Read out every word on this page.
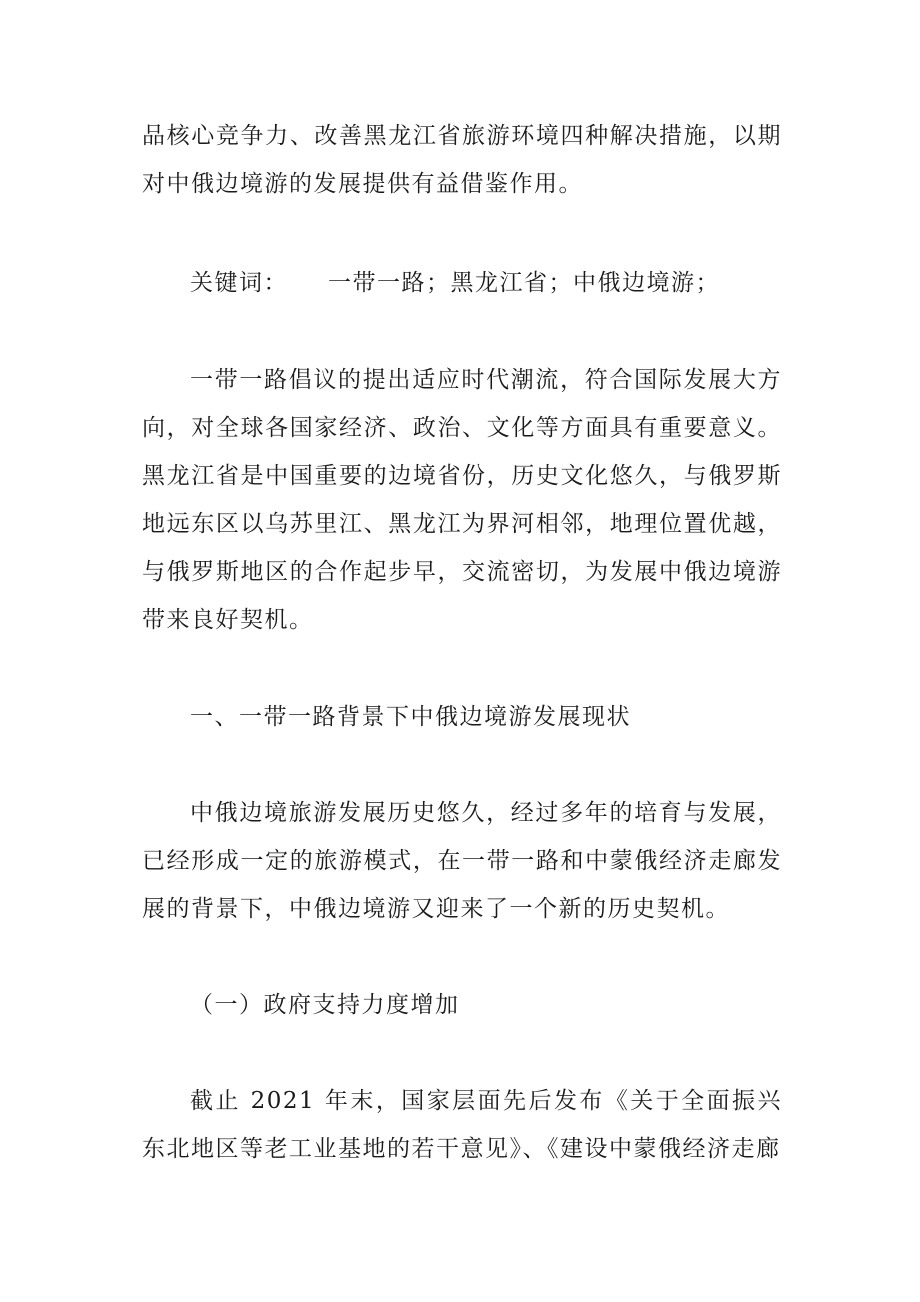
品核心竞争力、改善黑龙江省旅游环境四种解决措施，以期对中俄边境游的发展提供有益借鉴作用。

关键词： 一带一路；黑龙江省；中俄边境游；

一带一路倡议的提出适应时代潮流，符合国际发展大方向，对全球各国家经济、政治、文化等方面具有重要意义。黑龙江省是中国重要的边境省份，历史文化悠久，与俄罗斯地远东区以乌苏里江、黑龙江为界河相邻，地理位置优越，与俄罗斯地区的合作起步早，交流密切，为发展中俄边境游带来良好契机。

一、一带一路背景下中俄边境游发展现状

中俄边境旅游发展历史悠久，经过多年的培育与发展，已经形成一定的旅游模式，在一带一路和中蒙俄经济走廊发展的背景下，中俄边境游又迎来了一个新的历史契机。

（一）政府支持力度增加

截止 2021 年末，国家层面先后发布《关于全面振兴东北地区等老工业基地的若干意见》、《建设中蒙俄经济走廊
